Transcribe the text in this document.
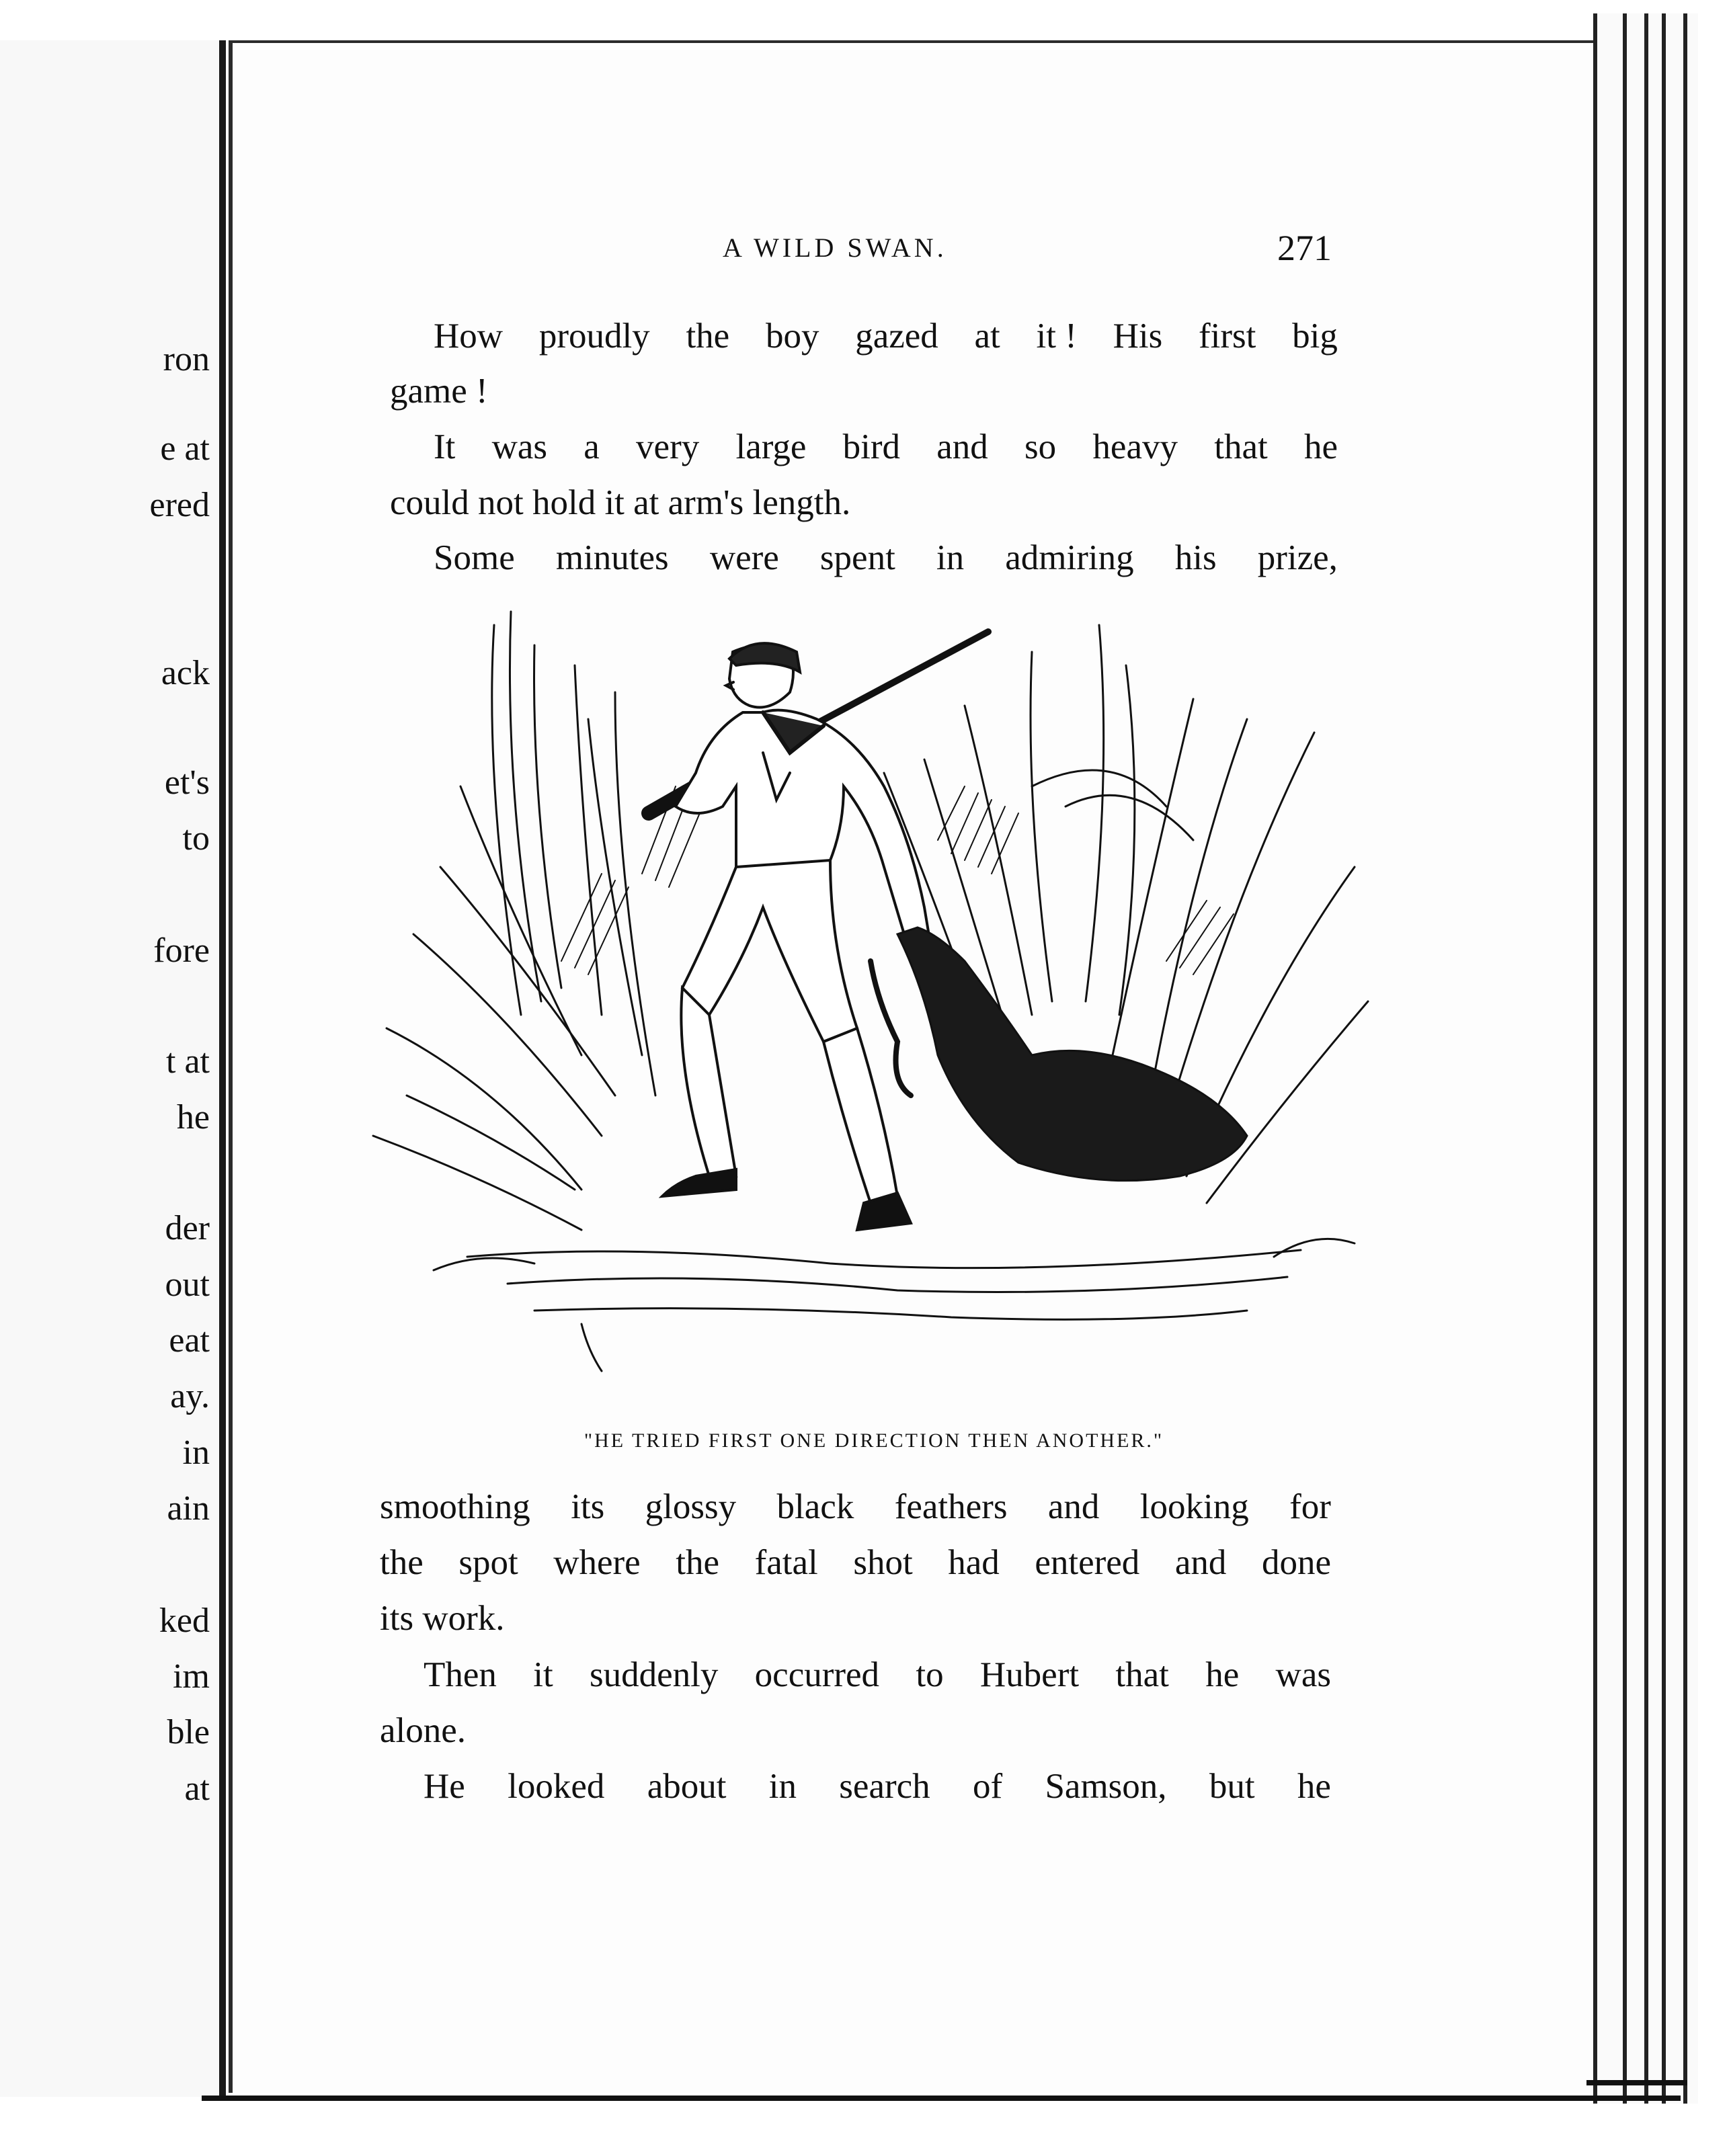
ron
e at
ered
ack
et's
to
fore
t at
he
der
out
eat
ay.
in
ain
ked
im
ble
at
A WILD SWAN.	271
How proudly the boy gazed at it ! His first big
game !
It was a very large bird and so heavy that he
could not hold it at arm's length.
Some minutes were spent in admiring his prize,
"HE TRIED FIRST ONE DIRECTION THEN ANOTHER."
smoothing its glossy black feathers and looking for
the spot where the fatal shot had entered and done
its work.
Then it suddenly occurred to Hubert that he was
alone.
He looked about in search of Samson, but he
